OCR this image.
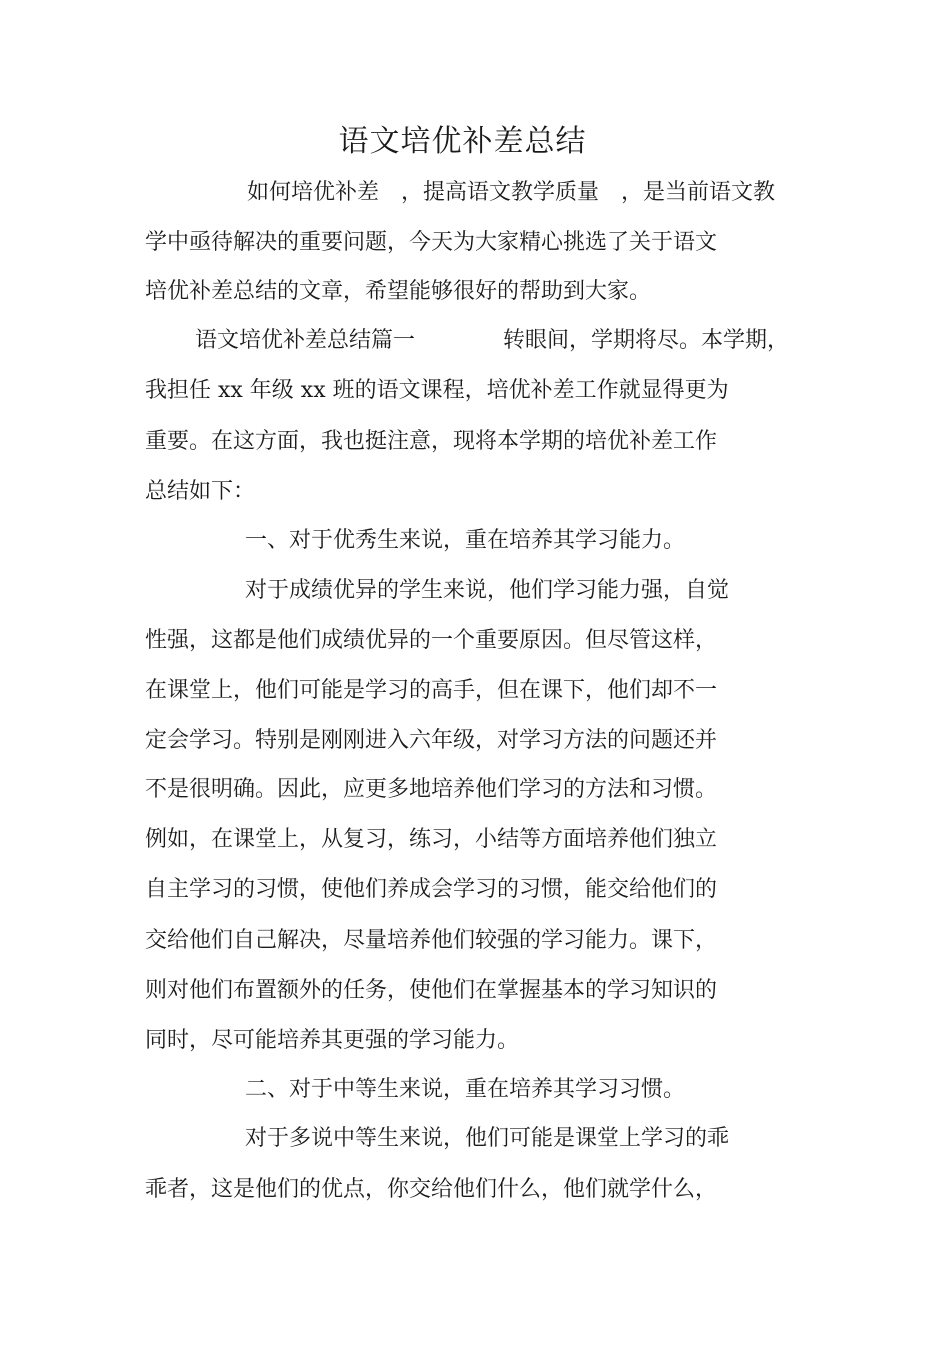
语文培优补差总结
如何培优补差　，提高语文教学质量　，是当前语文教
学中亟待解决的重要问题，今天为大家精心挑选了关于语文
培优补差总结的文章，希望能够很好的帮助到大家。
语文培优补差总结篇一　　　　转眼间，学期将尽。本学期，
我担任 xx 年级 xx 班的语文课程，培优补差工作就显得更为
重要。在这方面，我也挺注意，现将本学期的培优补差工作
总结如下：
一、对于优秀生来说，重在培养其学习能力。
对于成绩优异的学生来说，他们学习能力强，自觉
性强，这都是他们成绩优异的一个重要原因。但尽管这样，
在课堂上，他们可能是学习的高手，但在课下，他们却不一
定会学习。特别是刚刚进入六年级，对学习方法的问题还并
不是很明确。因此，应更多地培养他们学习的方法和习惯。
例如，在课堂上，从复习，练习，小结等方面培养他们独立
自主学习的习惯，使他们养成会学习的习惯，能交给他们的
交给他们自己解决，尽量培养他们较强的学习能力。课下，
则对他们布置额外的任务，使他们在掌握基本的学习知识的
同时，尽可能培养其更强的学习能力。
二、对于中等生来说，重在培养其学习习惯。
对于多说中等生来说，他们可能是课堂上学习的乖
乖者，这是他们的优点，你交给他们什么，他们就学什么，
